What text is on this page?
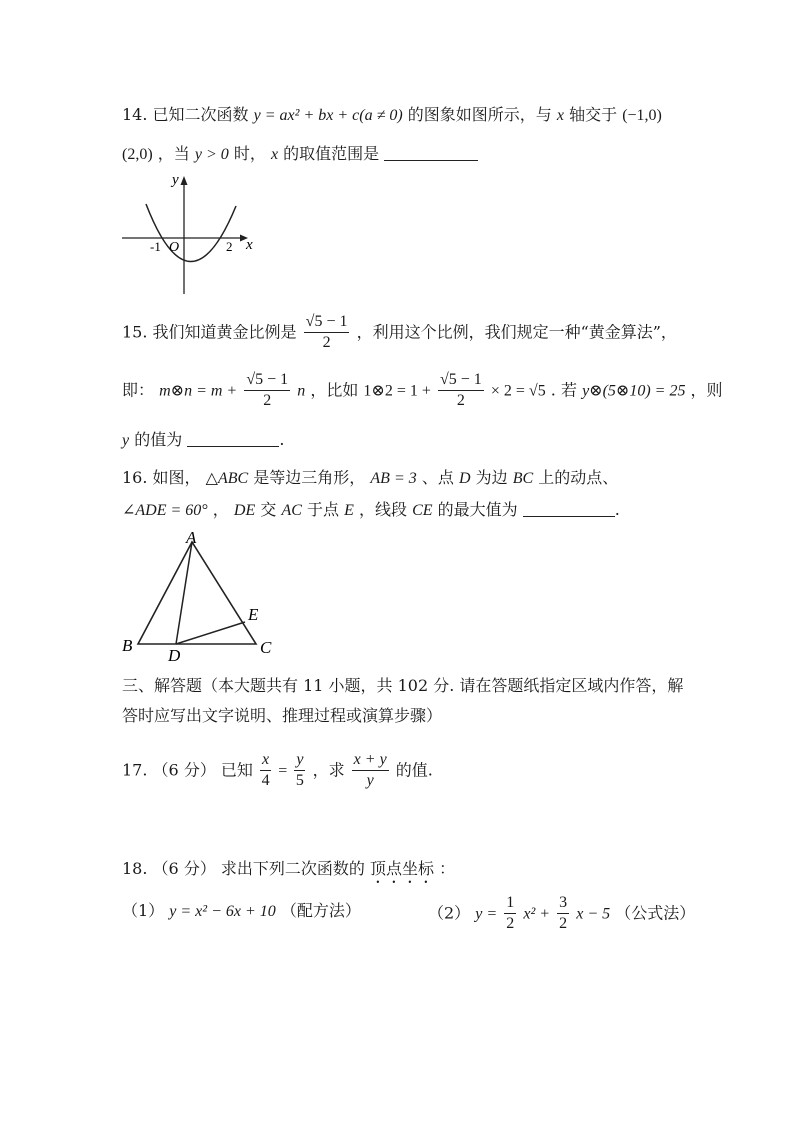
14. 已知二次函数 y = ax² + bx + c(a ≠ 0) 的图象如图所示，与 x 轴交于 (−1,0)
(2,0) ，当 y > 0 时， x 的取值范围是
y
x
O
-1	2
15. 我们知道黄金比例是 $\frac{√5 - 1}{2}$ ，利用这个比例，我们规定一种“黄金算法”，
即： m⊗n = $m + \frac{√5 - 1}{2}$ n ，比如 1⊗2 = $1 + \frac{√5 - 1}{2} \times 2 = √5$ . 若 y⊗(5⊗10) = 25 ，则
y 的值为	.
16. 如图， △ABC 是等边三角形， AB = 3 、点 D 为边 BC 上的动点、
∠ADE = 60° ， DE 交 AC 于点 E ，线段 CE 的最大值为	.
A
B	C
D
E
三、解答题（本大题共有 11 小题，共 102 分. 请在答题纸指定区域内作答，解
答时应写出文字说明、推理过程或演算步骤）
17. （6 分） 已知 $\frac{x}{4} = \frac{y}{5}$ ，求 $\frac{x + y}{y}$ 的值.
18. （6 分） 求出下列二次函数的 顶点坐标 ：
（1） y = x² − 6x + 10 （配方法）	（2） $y = \frac{1}{2} x^2 + \frac{3}{2}$ x − 5 （公式法）
